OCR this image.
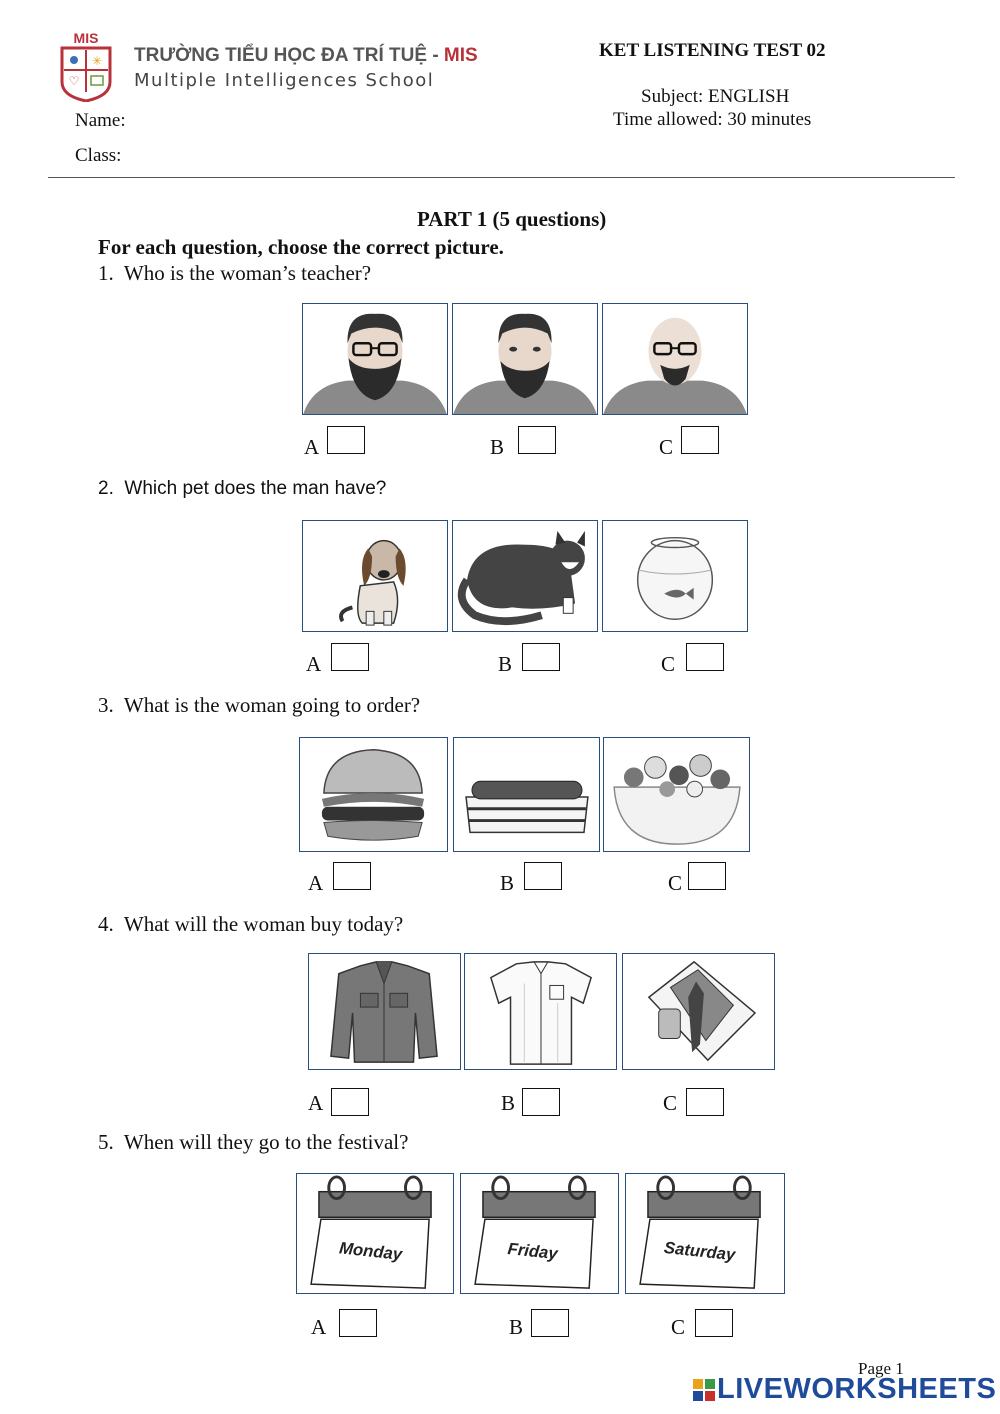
MIS
✳
♡
TRƯỜNG TIỂU HỌC ĐA TRÍ TUỆ - MIS
Multiple Intelligences School
KET LISTENING TEST 02
Subject: ENGLISH
Time allowed: 30 minutes
Name:
Class:
PART 1 (5 questions)
For each question, choose the correct picture.
1. Who is the woman’s teacher?
A	B	C
2. Which pet does the man have?
A	B	C
3. What is the woman going to order?
A	B	C
4. What will the woman buy today?
A	B	C
5. When will they go to the festival?
Monday	Friday	Saturday
A	B	C
Page 1
LIVEWORKSHEETS
